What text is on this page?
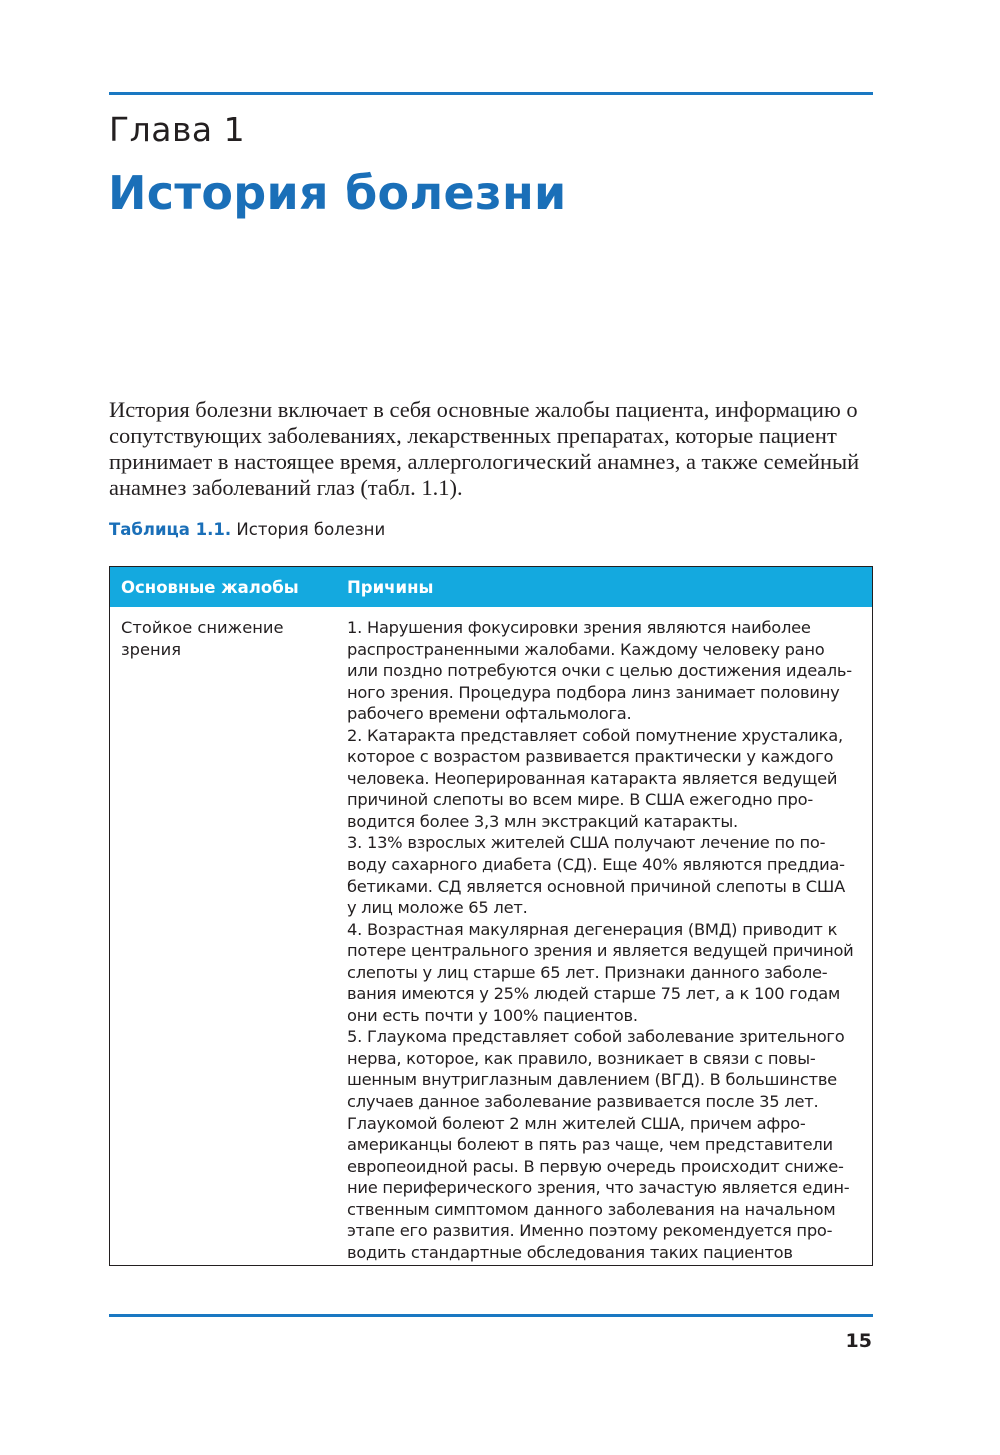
Глава 1
История болезни

История болезни включает в себя основные жалобы пациента, информацию о сопутствующих заболеваниях, лекарственных препаратах, которые пациент принимает в настоящее время, аллергологический анамнез, а также семейный анамнез заболеваний глаз (табл. 1.1).

Таблица 1.1. История болезни
Основные жалобы	Причины
Стойкое снижение зрения
1. Нарушения фокусировки зрения являются наиболее
распространенными жалобами. Каждому человеку рано
или поздно потребуются очки с целью достижения идеаль-
ного зрения. Процедура подбора линз занимает половину
рабочего времени офтальмолога.
2. Катаракта представляет собой помутнение хрусталика,
которое с возрастом развивается практически у каждого
человека. Неоперированная катаракта является ведущей
причиной слепоты во всем мире. В США ежегодно про-
водится более 3,3 млн экстракций катаракты.
3. 13% взрослых жителей США получают лечение по по-
воду сахарного диабета (СД). Еще 40% являются преддиа-
бетиками. СД является основной причиной слепоты в США
у лиц моложе 65 лет.
4. Возрастная макулярная дегенерация (ВМД) приводит к
потере центрального зрения и является ведущей причиной
слепоты у лиц старше 65 лет. Признаки данного заболе-
вания имеются у 25% людей старше 75 лет, а к 100 годам
они есть почти у 100% пациентов.
5. Глаукома представляет собой заболевание зрительного
нерва, которое, как правило, возникает в связи с повы-
шенным внутриглазным давлением (ВГД). В большинстве
случаев данное заболевание развивается после 35 лет.
Глаукомой болеют 2 млн жителей США, причем афро-
американцы болеют в пять раз чаще, чем представители
европеоидной расы. В первую очередь происходит сниже-
ние периферического зрения, что зачастую является един-
ственным симптомом данного заболевания на начальном
этапе его развития. Именно поэтому рекомендуется про-
водить стандартные обследования таких пациентов
15
